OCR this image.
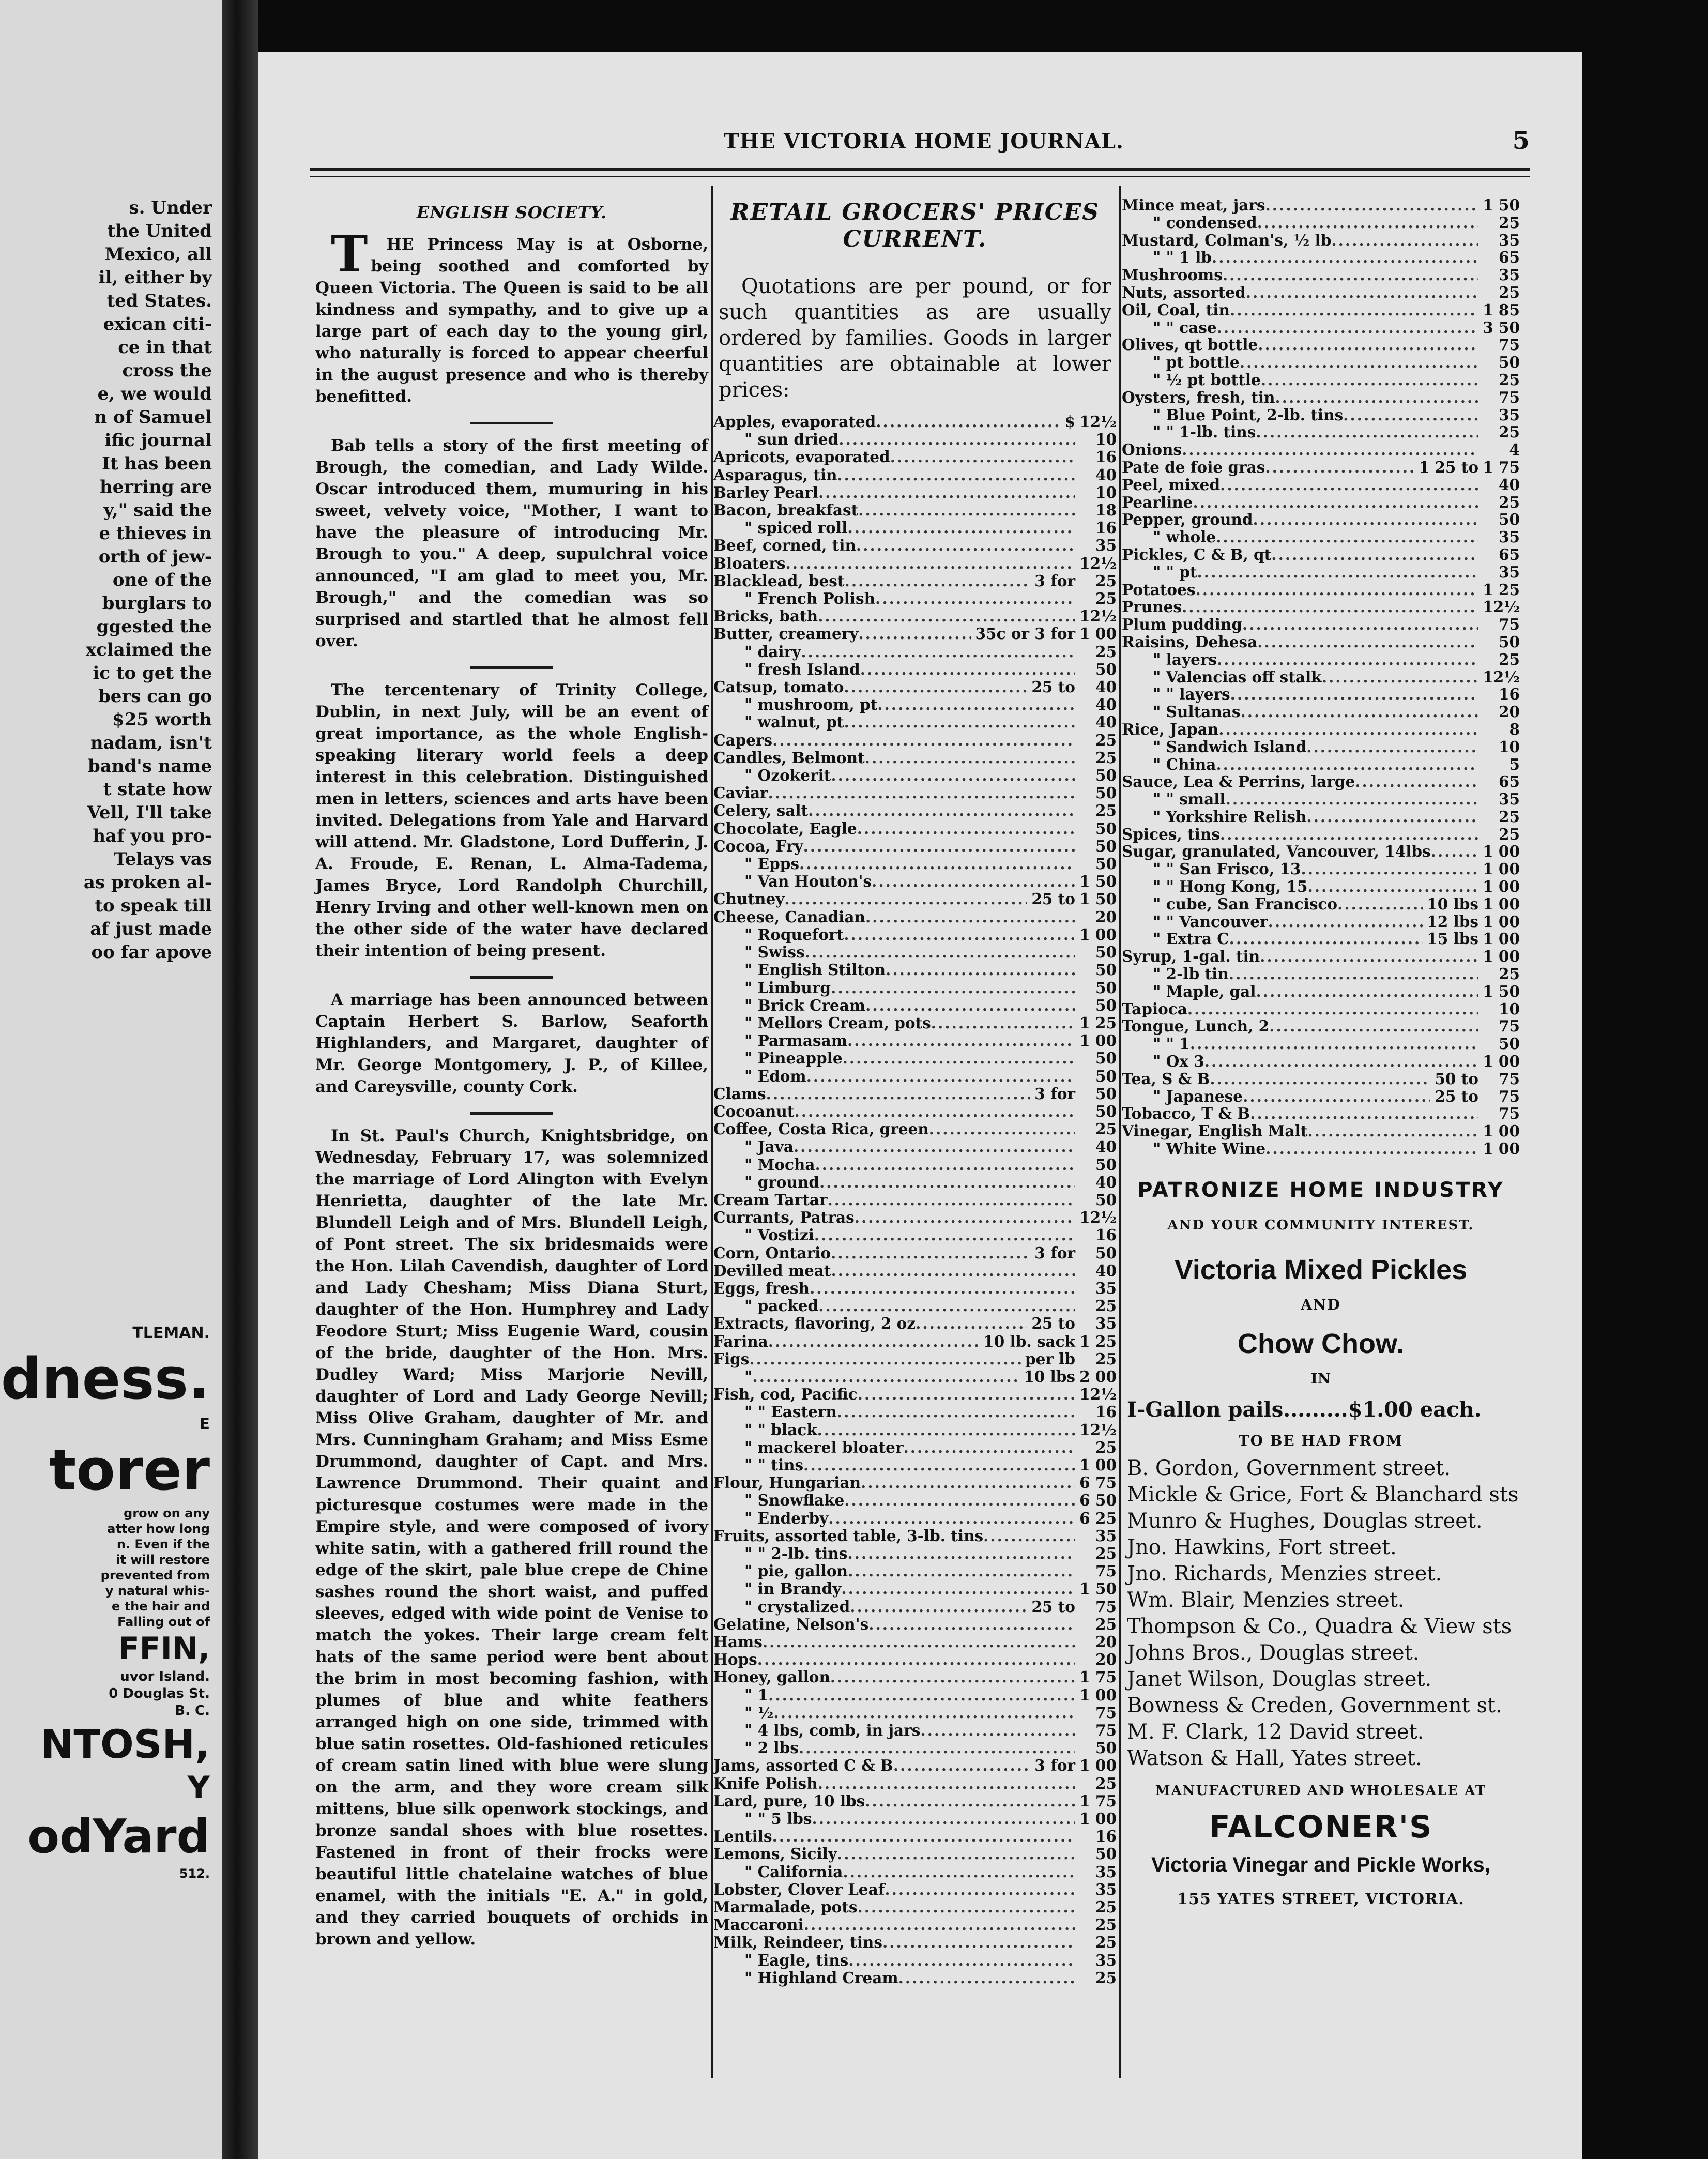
s. Under
the United
Mexico, all
il, either by
ted States.
exican citi-
ce in that
cross the
e, we would
n of Samuel
ific journal
It has been
herring are
y," said the
e thieves in
orth of jew-
one of the
burglars to
ggested the
xclaimed the
ic to get the
bers can go
$25 worth
nadam, isn't
band's name
t state how
Vell, I'll take
haf you pro-
Telays vas
as proken al-
to speak till
af just made
oo far apove
TLEMAN.
dness.
E
torer
grow on any
atter how long
n. Even if the
it will restore
prevented from
y natural whis-
e the hair and
Falling out of
FFIN,
uvor Island.
0 Douglas St.
B. C.
NTOSH,
Y
odYard
512.
THE VICTORIA HOME JOURNAL.	5
ENGLISH SOCIETY.

THE Princess May is at Osborne, being soothed and comforted by Queen Victoria. The Queen is said to be all kindness and sympathy, and to give up a large part of each day to the young girl, who naturally is forced to appear cheerful in the august presence and who is thereby benefitted.

Bab tells a story of the first meeting of Brough, the comedian, and Lady Wilde. Oscar introduced them, mumuring in his sweet, velvety voice, "Mother, I want to have the pleasure of introducing Mr. Brough to you." A deep, supulchral voice announced, "I am glad to meet you, Mr. Brough," and the comedian was so surprised and startled that he almost fell over.

The tercentenary of Trinity College, Dublin, in next July, will be an event of great importance, as the whole English-speaking literary world feels a deep interest in this celebration. Distinguished men in letters, sciences and arts have been invited. Delegations from Yale and Harvard will attend. Mr. Gladstone, Lord Dufferin, J. A. Froude, E. Renan, L. Alma-Tadema, James Bryce, Lord Randolph Churchill, Henry Irving and other well-known men on the other side of the water have declared their intention of being present.

A marriage has been announced between Captain Herbert S. Barlow, Seaforth Highlanders, and Margaret, daughter of Mr. George Montgomery, J. P., of Killee, and Careysville, county Cork.

In St. Paul's Church, Knightsbridge, on Wednesday, February 17, was solemnized the marriage of Lord Alington with Evelyn Henrietta, daughter of the late Mr. Blundell Leigh and of Mrs. Blundell Leigh, of Pont street. The six bridesmaids were the Hon. Lilah Cavendish, daughter of Lord and Lady Chesham; Miss Diana Sturt, daughter of the Hon. Humphrey and Lady Feodore Sturt; Miss Eugenie Ward, cousin of the bride, daughter of the Hon. Mrs. Dudley Ward; Miss Marjorie Nevill, daughter of Lord and Lady George Nevill; Miss Olive Graham, daughter of Mr. and Mrs. Cunningham Graham; and Miss Esme Drummond, daughter of Capt. and Mrs. Lawrence Drummond. Their quaint and picturesque costumes were made in the Empire style, and were composed of ivory white satin, with a gathered frill round the edge of the skirt, pale blue crepe de Chine sashes round the short waist, and puffed sleeves, edged with wide point de Venise to match the yokes. Their large cream felt hats of the same period were bent about the brim in most becoming fashion, with plumes of blue and white feathers arranged high on one side, trimmed with blue satin rosettes. Old-fashioned reticules of cream satin lined with blue were slung on the arm, and they wore cream silk mittens, blue silk openwork stockings, and bronze sandal shoes with blue rosettes. Fastened in front of their frocks were beautiful little chatelaine watches of blue enamel, with the initials "E. A." in gold, and they carried bouquets of orchids in brown and yellow.

RETAIL GROCERS' PRICES
CURRENT.
Quotations are per pound, or for such quantities as are usually ordered by families. Goods in larger quantities are obtainable at lower prices:
Apples, evaporated .....	$ 12½
" sun dried .....	10
Apricots, evaporated .....	16
Asparagus, tin .....	40
Barley Pearl .....	10
Bacon, breakfast .....	18
" spiced roll .....	16
Beef, corned, tin .....	35
Bloaters .....	12½
Blacklead, best .....	3 for	25
" French Polish .....	25
Bricks, bath .....	12½
Butter, creamery .....	35c or 3 for 1 00
" dairy .....	25
" fresh Island .....	50
Catsup, tomato .....	25 to	40
" mushroom, pt .....	40
" walnut, pt .....	40
Capers .....	25
Candles, Belmont .....	25
" Ozokerit .....	50
Caviar .....	50
Celery, salt .....	25
Chocolate, Eagle .....	50
Cocoa, Fry .....	50
" Epps .....	50
" Van Houton's .....	1 50
Chutney .....	25 to 1 50
Cheese, Canadian .....	20
" Roquefort .....	1 00
" Swiss .....	50
" English Stilton .....	50
" Limburg .....	50
" Brick Cream .....	50
" Mellors Cream, pots .....	1 25
" Parmasam .....	1 00
" Pineapple .....	50
" Edom .....	50
Clams .....	3 for	50
Cocoanut .....	50
Coffee, Costa Rica, green .....	25
" Java .....	40
" Mocha .....	50
" ground .....	40
Cream Tartar .....	50
Currants, Patras .....	12½
" Vostizi .....	16
Corn, Ontario .....	3 for	50
Devilled meat .....	40
Eggs, fresh .....	35
" packed .....	25
Extracts, flavoring, 2 oz .....	25 to	35
Farina .....	10 lb. sack 1 25
Figs .....	per lb	25
" .....	10 lbs 2 00
Fish, cod, Pacific .....	12½
" " Eastern .....	16
" " black .....	12½
" mackerel bloater .....	25
" " tins .....	1 00
Flour, Hungarian .....	6 75
" Snowflake .....	6 50
" Enderby .....	6 25
Fruits, assorted table, 3-lb. tins .....	35
" " 2-lb. tins .....	25
" pie, gallon .....	75
" in Brandy .....	1 50
" crystalized .....	25 to	75
Gelatine, Nelson's .....	25
Hams .....	20
Hops .....	20
Honey, gallon .....	1 75
" 1 .....	1 00
" ½ .....	75
" 4 lbs, comb, in jars .....	75
" 2 lbs .....	50
Jams, assorted C & B .....	3 for 1 00
Knife Polish .....	25
Lard, pure, 10 lbs .....	1 75
" " 5 lbs .....	1 00
Lentils .....	16
Lemons, Sicily .....	50
" California .....	35
Lobster, Clover Leaf .....	35
Marmalade, pots .....	25
Maccaroni .....	25
Milk, Reindeer, tins .....	25
" Eagle, tins .....	35
" Highland Cream .....	25
Mince meat, jars .....	1 50
" condensed .....	25
Mustard, Colman's, ½ lb .....	35
" " 1 lb .....	65
Mushrooms .....	35
Nuts, assorted .....	25
Oil, Coal, tin .....	1 85
" " case .....	3 50
Olives, qt bottle .....	75
" pt bottle .....	50
" ½ pt bottle .....	25
Oysters, fresh, tin .....	75
" Blue Point, 2-lb. tins .....	35
" " 1-lb. tins .....	25
Onions .....	4
Pate de foie gras .....	1 25 to 1 75
Peel, mixed .....	40
Pearline .....	25
Pepper, ground .....	50
" whole .....	35
Pickles, C & B, qt .....	65
" " pt .....	35
Potatoes .....	1 25
Prunes .....	12½
Plum pudding .....	75
Raisins, Dehesa .....	50
" layers .....	25
" Valencias off stalk .....	12½
" " layers .....	16
" Sultanas .....	20
Rice, Japan .....	8
" Sandwich Island .....	10
" China .....	5
Sauce, Lea & Perrins, large .....	65
" " small .....	35
" Yorkshire Relish .....	25
Spices, tins .....	25
Sugar, granulated, Vancouver, 14lbs .....	1 00
" " San Frisco, 13 .....	1 00
" " Hong Kong, 15 .....	1 00
" cube, San Francisco .....	10 lbs 1 00
" " Vancouver .....	12 lbs 1 00
" Extra C .....	15 lbs 1 00
Syrup, 1-gal. tin .....	1 00
" 2-lb tin .....	25
" Maple, gal .....	1 50
Tapioca .....	10
Tongue, Lunch, 2 .....	75
" " 1 .....	50
" Ox 3 .....	1 00
Tea, S & B .....	50 to	75
" Japanese .....	25 to	75
Tobacco, T & B .....	75
Vinegar, English Malt .....	1 00
" White Wine .....	1 00
PATRONIZE HOME INDUSTRY
AND YOUR COMMUNITY INTEREST.
Victoria Mixed Pickles
AND
Chow Chow.
IN
I-Gallon pails.........$1.00 each.
TO BE HAD FROM
B. Gordon, Government street.
Mickle & Grice, Fort & Blanchard sts
Munro & Hughes, Douglas street.
Jno. Hawkins, Fort street.
Jno. Richards, Menzies street.
Wm. Blair, Menzies street.
Thompson & Co., Quadra & View sts
Johns Bros., Douglas street.
Janet Wilson, Douglas street.
Bowness & Creden, Government st.
M. F. Clark, 12 David street.
Watson & Hall, Yates street.
MANUFACTURED AND WHOLESALE AT
FALCONER'S
Victoria Vinegar and Pickle Works,
155 YATES STREET, VICTORIA.
